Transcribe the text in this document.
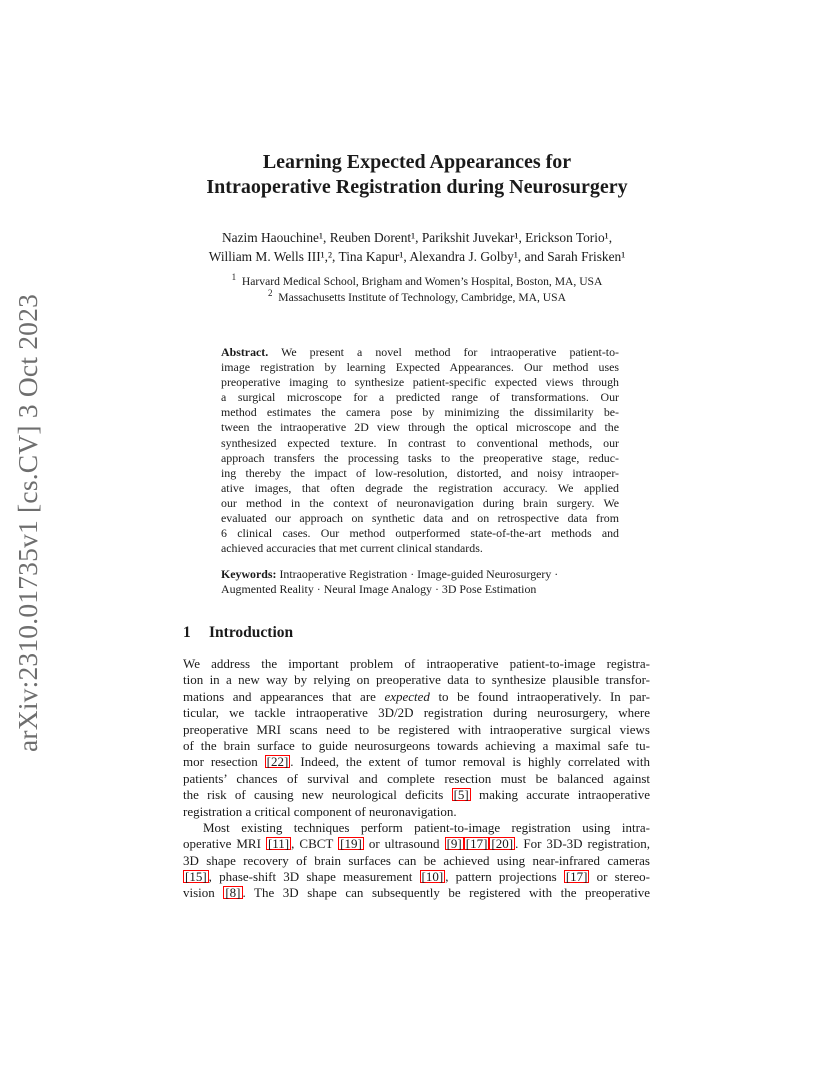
arXiv:2310.01735v1 [cs.CV] 3 Oct 2023
Learning Expected Appearances for
Intraoperative Registration during Neurosurgery
Nazim Haouchine¹, Reuben Dorent¹, Parikshit Juvekar¹, Erickson Torio¹,
William M. Wells III¹,², Tina Kapur¹, Alexandra J. Golby¹, and Sarah Frisken¹
$^1$ Harvard Medical School, Brigham and Women’s Hospital, Boston, MA, USA
$^2$ Massachusetts Institute of Technology, Cambridge, MA, USA
Abstract. We present a novel method for intraoperative patient-to-
image registration by learning Expected Appearances. Our method uses
preoperative imaging to synthesize patient-specific expected views through
a surgical microscope for a predicted range of transformations. Our
method estimates the camera pose by minimizing the dissimilarity be-
tween the intraoperative 2D view through the optical microscope and the
synthesized expected texture. In contrast to conventional methods, our
approach transfers the processing tasks to the preoperative stage, reduc-
ing thereby the impact of low-resolution, distorted, and noisy intraoper-
ative images, that often degrade the registration accuracy. We applied
our method in the context of neuronavigation during brain surgery. We
evaluated our approach on synthetic data and on retrospective data from
6 clinical cases. Our method outperformed state-of-the-art methods and
achieved accuracies that met current clinical standards.
Keywords: Intraoperative Registration · Image-guided Neurosurgery ·
Augmented Reality · Neural Image Analogy · 3D Pose Estimation
1 Introduction
We address the important problem of intraoperative patient-to-image registra-
tion in a new way by relying on preoperative data to synthesize plausible transfor-
mations and appearances that are expected to be found intraoperatively. In par-
ticular, we tackle intraoperative 3D/2D registration during neurosurgery, where
preoperative MRI scans need to be registered with intraoperative surgical views
of the brain surface to guide neurosurgeons towards achieving a maximal safe tu-
mor resection [22] . Indeed, the extent of tumor removal is highly correlated with
patients’ chances of survival and complete resection must be balanced against
the risk of causing new neurological deficits [5] making accurate intraoperative
registration a critical component of neuronavigation.
Most existing techniques perform patient-to-image registration using intra-
operative MRI [11] , CBCT [19] or ultrasound [9] [17] [20] . For 3D-3D registration,
3D shape recovery of brain surfaces can be achieved using near-infrared cameras
[15] , phase-shift 3D shape measurement [10] , pattern projections [17] or stereo-
vision [8] . The 3D shape can subsequently be registered with the preoperative
